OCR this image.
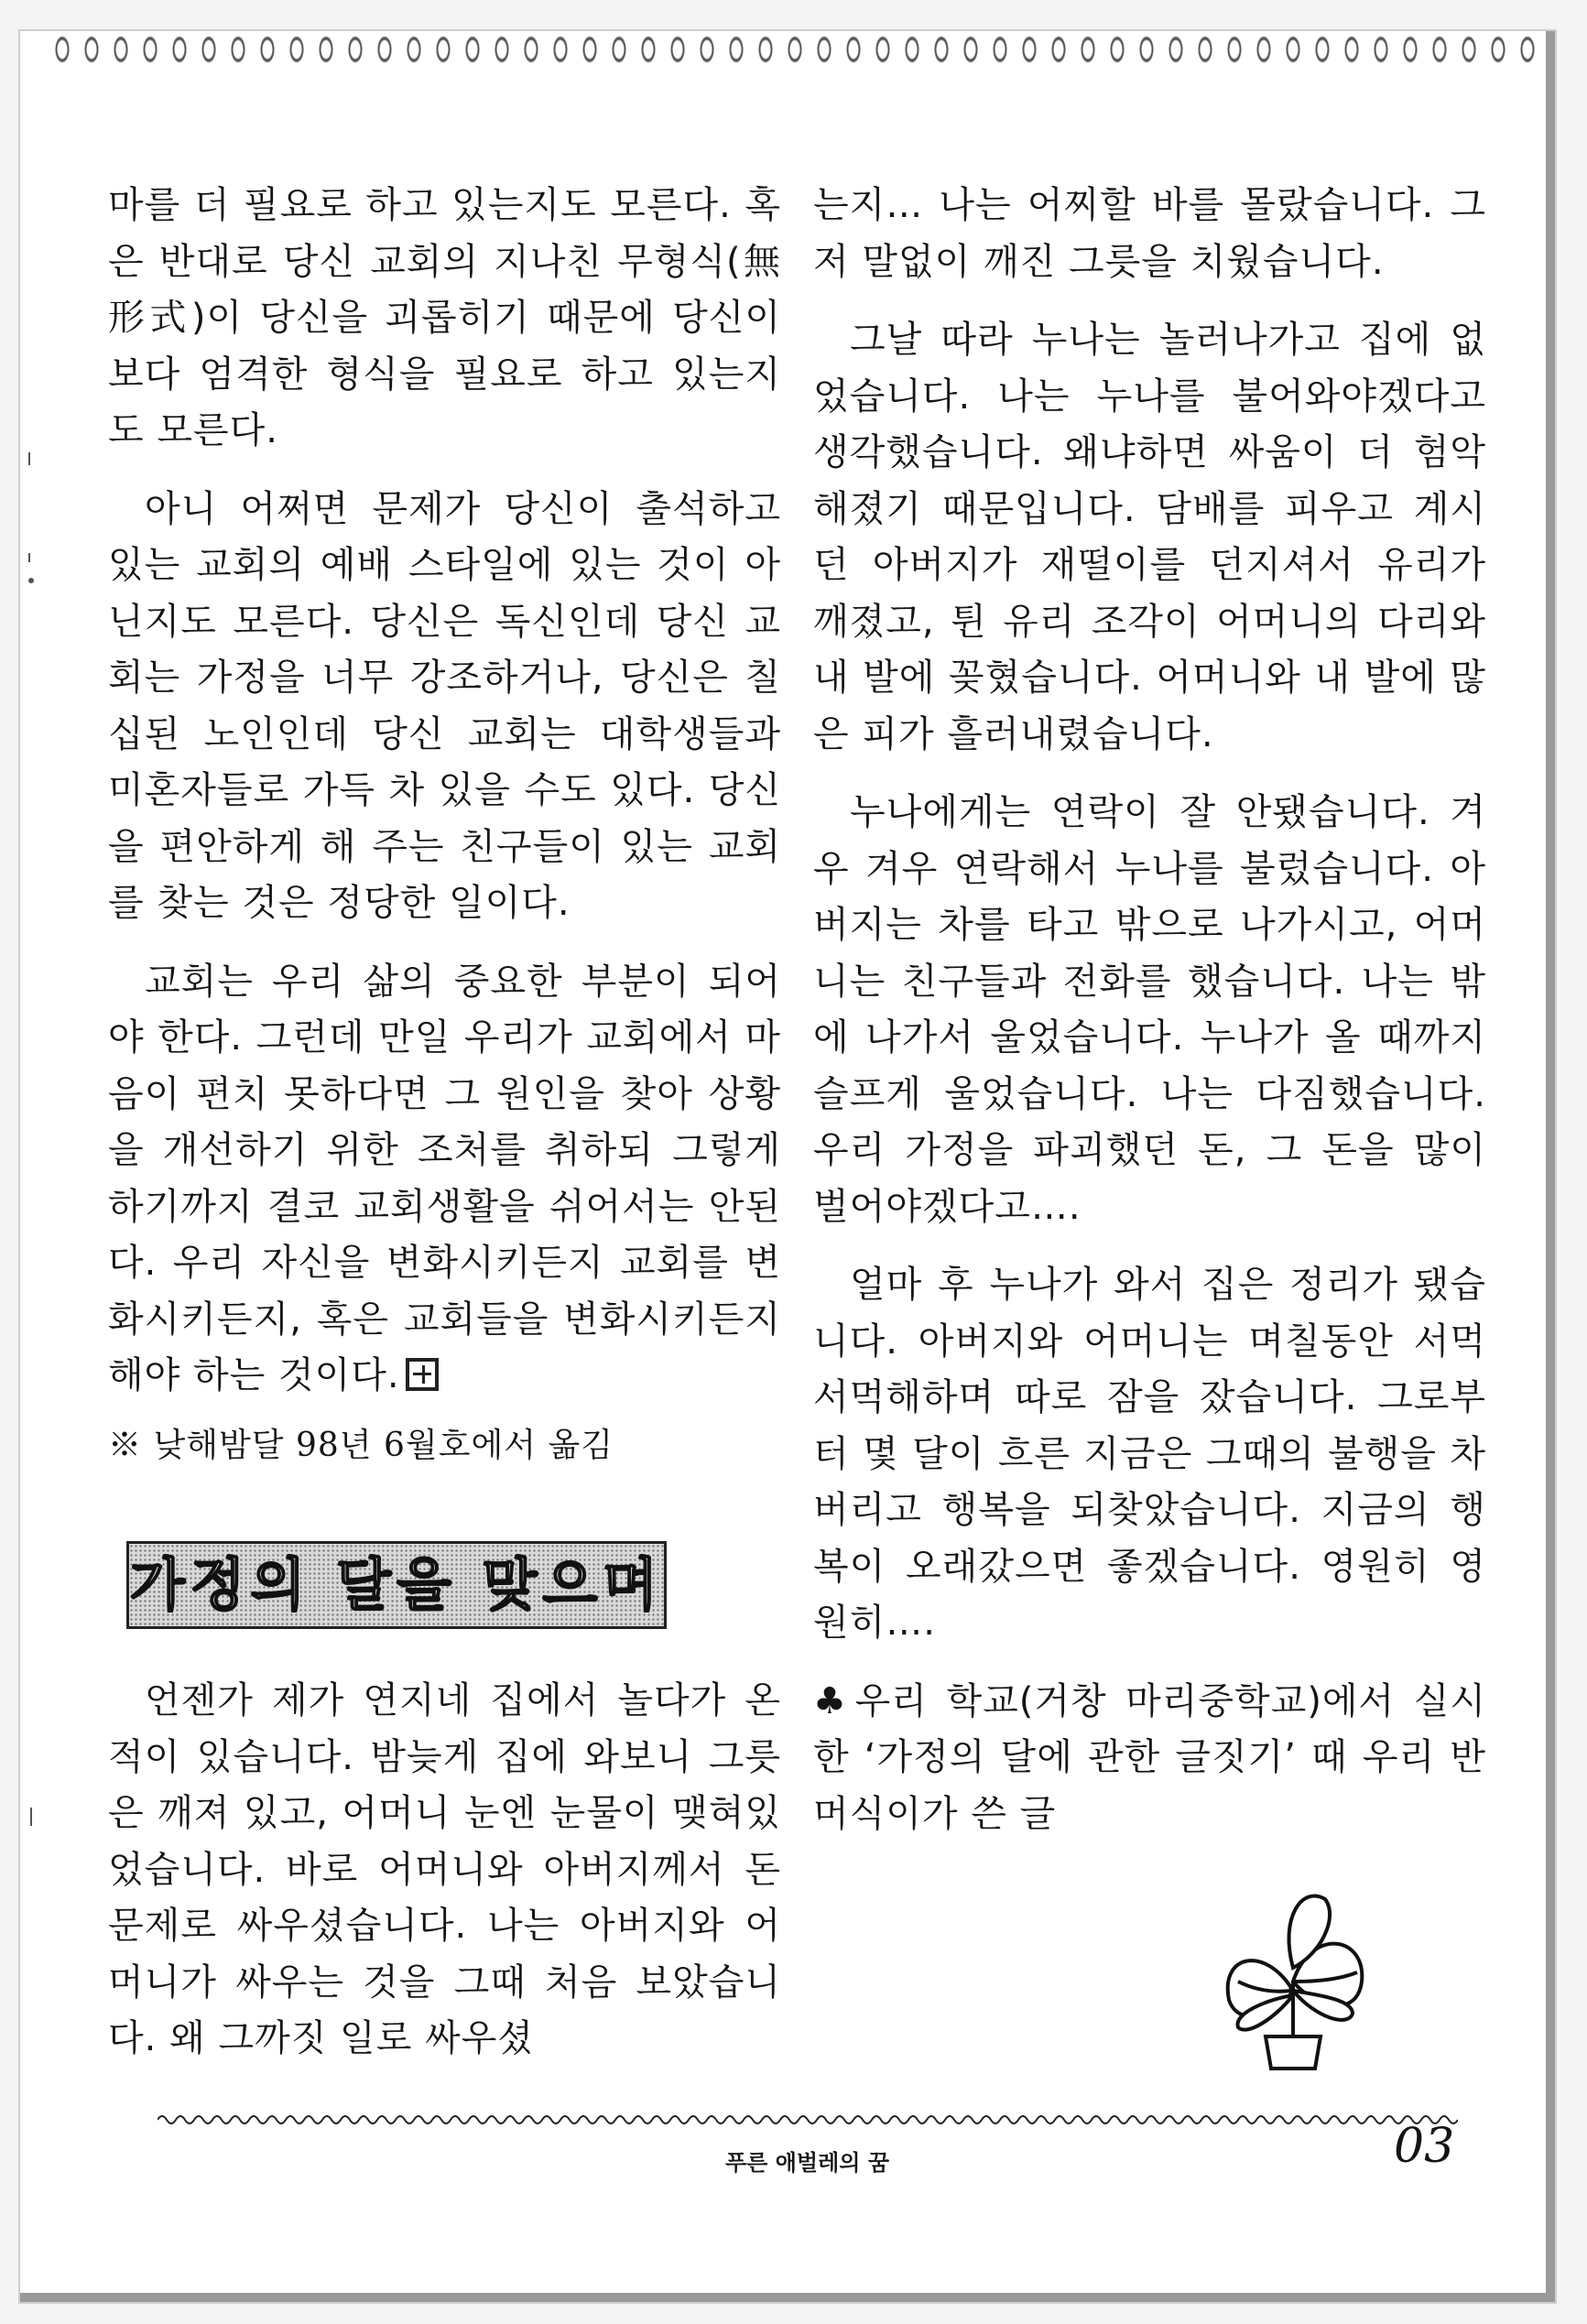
마를 더 필요로 하고 있는지도 모른다. 혹은 반대로 당신 교회의 지나친 무형식(無形式)이 당신을 괴롭히기 때문에 당신이 보다 엄격한 형식을 필요로 하고 있는지도 모른다.

아니 어쩌면 문제가 당신이 출석하고 있는 교회의 예배 스타일에 있는 것이 아닌지도 모른다. 당신은 독신인데 당신 교회는 가정을 너무 강조하거나, 당신은 칠십된 노인인데 당신 교회는 대학생들과 미혼자들로 가득 차 있을 수도 있다. 당신을 편안하게 해 주는 친구들이 있는 교회를 찾는 것은 정당한 일이다.

교회는 우리 삶의 중요한 부분이 되어야 한다. 그런데 만일 우리가 교회에서 마음이 편치 못하다면 그 원인을 찾아 상황을 개선하기 위한 조처를 취하되 그렇게 하기까지 결코 교회생활을 쉬어서는 안된다. 우리 자신을 변화시키든지 교회를 변화시키든지, 혹은 교회들을 변화시키든지 해야 하는 것이다.

※ 낮해밤달 98년 6월호에서 옮김

가정의 달을 맞으며

언젠가 제가 연지네 집에서 놀다가 온 적이 있습니다. 밤늦게 집에 와보니 그릇은 깨져 있고, 어머니 눈엔 눈물이 맺혀있었습니다. 바로 어머니와 아버지께서 돈 문제로 싸우셨습니다. 나는 아버지와 어머니가 싸우는 것을 그때 처음 보았습니다. 왜 그까짓 일로 싸우셨

는지… 나는 어찌할 바를 몰랐습니다. 그저 말없이 깨진 그릇을 치웠습니다.

그날 따라 누나는 놀러나가고 집에 없었습니다. 나는 누나를 불어와야겠다고 생각했습니다. 왜냐하면 싸움이 더 험악해졌기 때문입니다. 담배를 피우고 계시던 아버지가 재떨이를 던지셔서 유리가 깨졌고, 튄 유리 조각이 어머니의 다리와 내 발에 꽂혔습니다. 어머니와 내 발에 많은 피가 흘러내렸습니다.

누나에게는 연락이 잘 안됐습니다. 겨우 겨우 연락해서 누나를 불렀습니다. 아버지는 차를 타고 밖으로 나가시고, 어머니는 친구들과 전화를 했습니다. 나는 밖에 나가서 울었습니다. 누나가 올 때까지 슬프게 울었습니다. 나는 다짐했습니다. 우리 가정을 파괴했던 돈, 그 돈을 많이 벌어야겠다고….

얼마 후 누나가 와서 집은 정리가 됐습니다. 아버지와 어머니는 며칠동안 서먹서먹해하며 따로 잠을 잤습니다. 그로부터 몇 달이 흐른 지금은 그때의 불행을 차버리고 행복을 되찾았습니다. 지금의 행복이 오래갔으면 좋겠습니다. 영원히 영원히….

♣우리 학교(거창 마리중학교)에서 실시한 ‘가정의 달에 관한 글짓기’ 때 우리 반 머식이가 쓴 글

푸른 애벌레의 꿈	03
